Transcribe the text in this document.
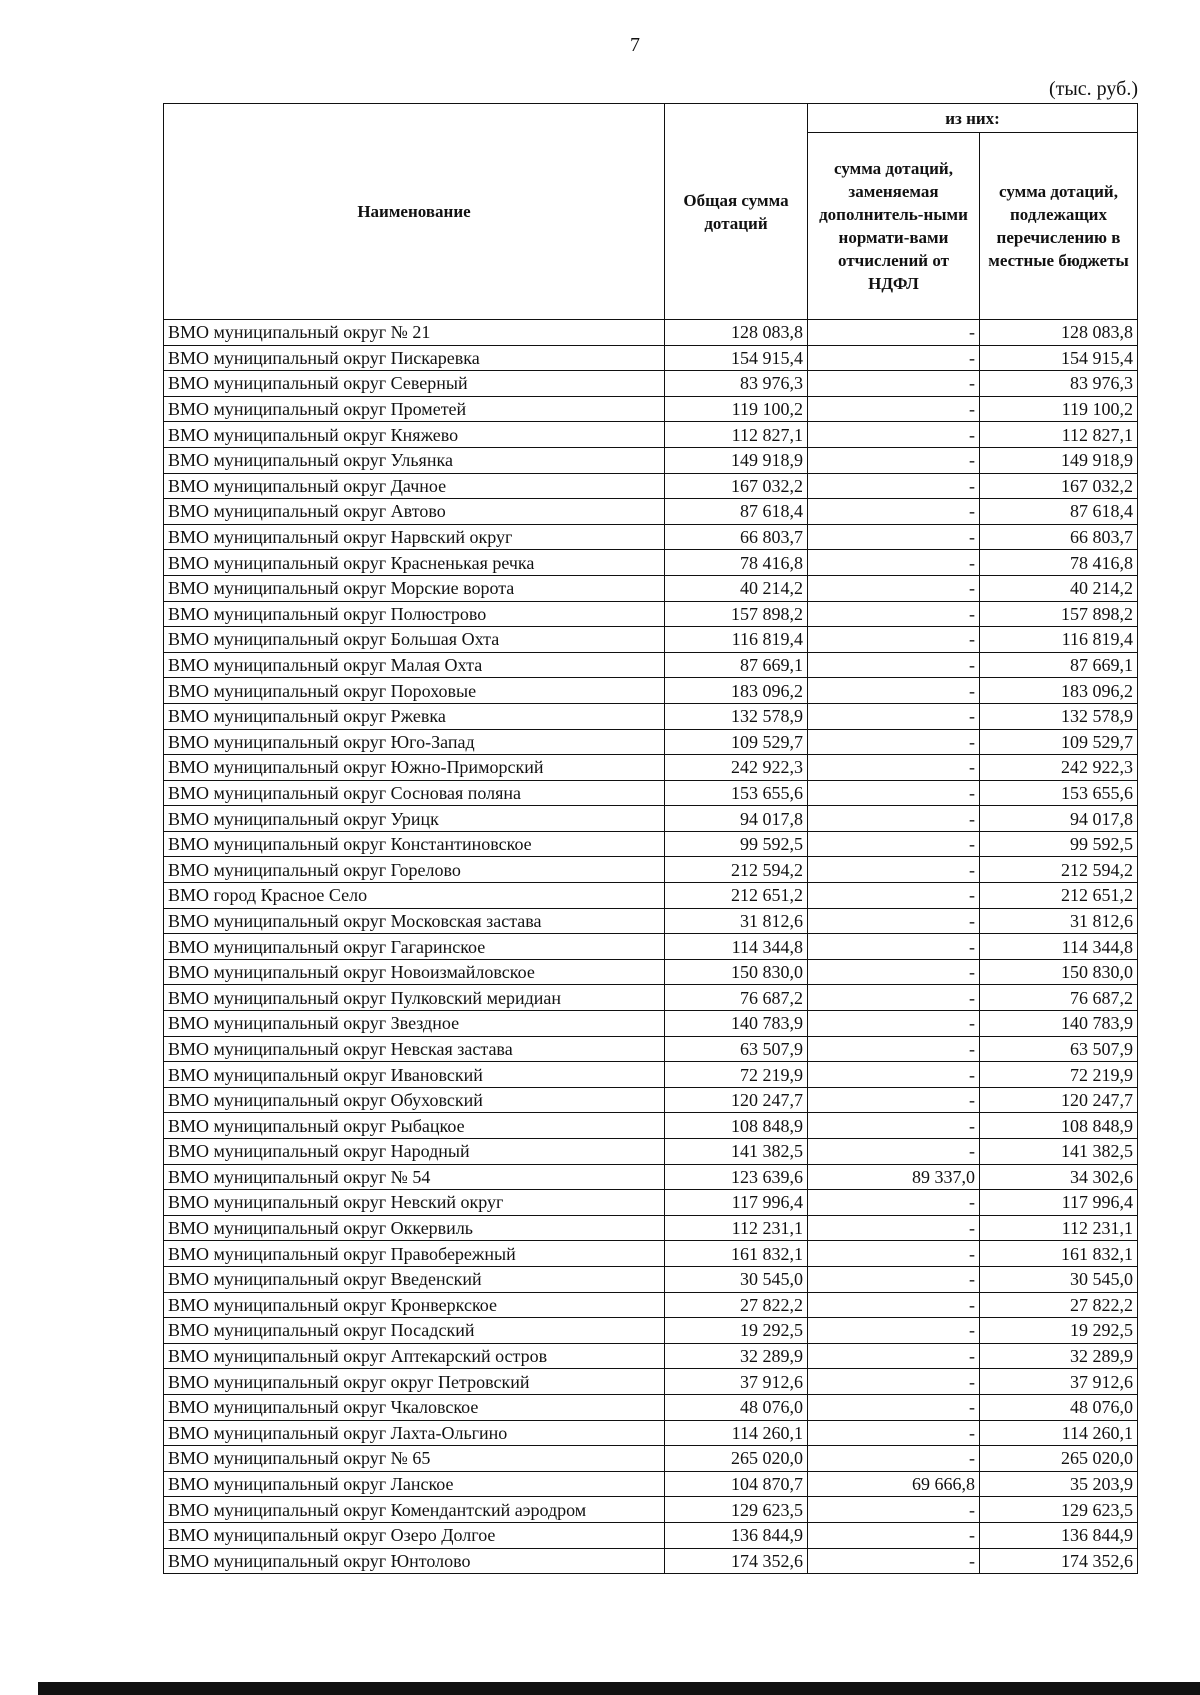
7
(тыс. руб.)
Наименование	Общая сумма дотаций	из них:	
		сумма дотаций, заменяемая дополнитель-ными нормати-вами отчислений от НДФЛ	сумма дотаций, подлежащих перечислению в местные бюджеты
ВМО муниципальный округ № 21	128 083,8	-	128 083,8
ВМО муниципальный округ Пискаревка	154 915,4	-	154 915,4
ВМО муниципальный округ Северный	83 976,3	-	83 976,3
ВМО муниципальный округ Прометей	119 100,2	-	119 100,2
ВМО муниципальный округ Княжево	112 827,1	-	112 827,1
ВМО муниципальный округ Ульянка	149 918,9	-	149 918,9
ВМО муниципальный округ Дачное	167 032,2	-	167 032,2
ВМО муниципальный округ Автово	87 618,4	-	87 618,4
ВМО муниципальный округ Нарвский округ	66 803,7	-	66 803,7
ВМО муниципальный округ Красненькая речка	78 416,8	-	78 416,8
ВМО муниципальный округ Морские ворота	40 214,2	-	40 214,2
ВМО муниципальный округ Полюстрово	157 898,2	-	157 898,2
ВМО муниципальный округ Большая Охта	116 819,4	-	116 819,4
ВМО муниципальный округ Малая Охта	87 669,1	-	87 669,1
ВМО муниципальный округ Пороховые	183 096,2	-	183 096,2
ВМО муниципальный округ Ржевка	132 578,9	-	132 578,9
ВМО муниципальный округ Юго-Запад	109 529,7	-	109 529,7
ВМО муниципальный округ Южно-Приморский	242 922,3	-	242 922,3
ВМО муниципальный округ Сосновая поляна	153 655,6	-	153 655,6
ВМО муниципальный округ Урицк	94 017,8	-	94 017,8
ВМО муниципальный округ Константиновское	99 592,5	-	99 592,5
ВМО муниципальный округ Горелово	212 594,2	-	212 594,2
ВМО город Красное Село	212 651,2	-	212 651,2
ВМО муниципальный округ Московская застава	31 812,6	-	31 812,6
ВМО муниципальный округ Гагаринское	114 344,8	-	114 344,8
ВМО муниципальный округ Новоизмайловское	150 830,0	-	150 830,0
ВМО муниципальный округ Пулковский меридиан	76 687,2	-	76 687,2
ВМО муниципальный округ Звездное	140 783,9	-	140 783,9
ВМО муниципальный округ Невская застава	63 507,9	-	63 507,9
ВМО муниципальный округ Ивановский	72 219,9	-	72 219,9
ВМО муниципальный округ Обуховский	120 247,7	-	120 247,7
ВМО муниципальный округ Рыбацкое	108 848,9	-	108 848,9
ВМО муниципальный округ Народный	141 382,5	-	141 382,5
ВМО муниципальный округ № 54	123 639,6	89 337,0	34 302,6
ВМО муниципальный округ Невский округ	117 996,4	-	117 996,4
ВМО муниципальный округ Оккервиль	112 231,1	-	112 231,1
ВМО муниципальный округ Правобережный	161 832,1	-	161 832,1
ВМО муниципальный округ Введенский	30 545,0	-	30 545,0
ВМО муниципальный округ Кронверкское	27 822,2	-	27 822,2
ВМО муниципальный округ Посадский	19 292,5	-	19 292,5
ВМО муниципальный округ Аптекарский остров	32 289,9	-	32 289,9
ВМО муниципальный округ округ Петровский	37 912,6	-	37 912,6
ВМО муниципальный округ Чкаловское	48 076,0	-	48 076,0
ВМО муниципальный округ Лахта-Ольгино	114 260,1	-	114 260,1
ВМО муниципальный округ № 65	265 020,0	-	265 020,0
ВМО муниципальный округ Ланское	104 870,7	69 666,8	35 203,9
ВМО муниципальный округ Комендантский аэродром	129 623,5	-	129 623,5
ВМО муниципальный округ Озеро Долгое	136 844,9	-	136 844,9
ВМО муниципальный округ Юнтолово	174 352,6	-	174 352,6
